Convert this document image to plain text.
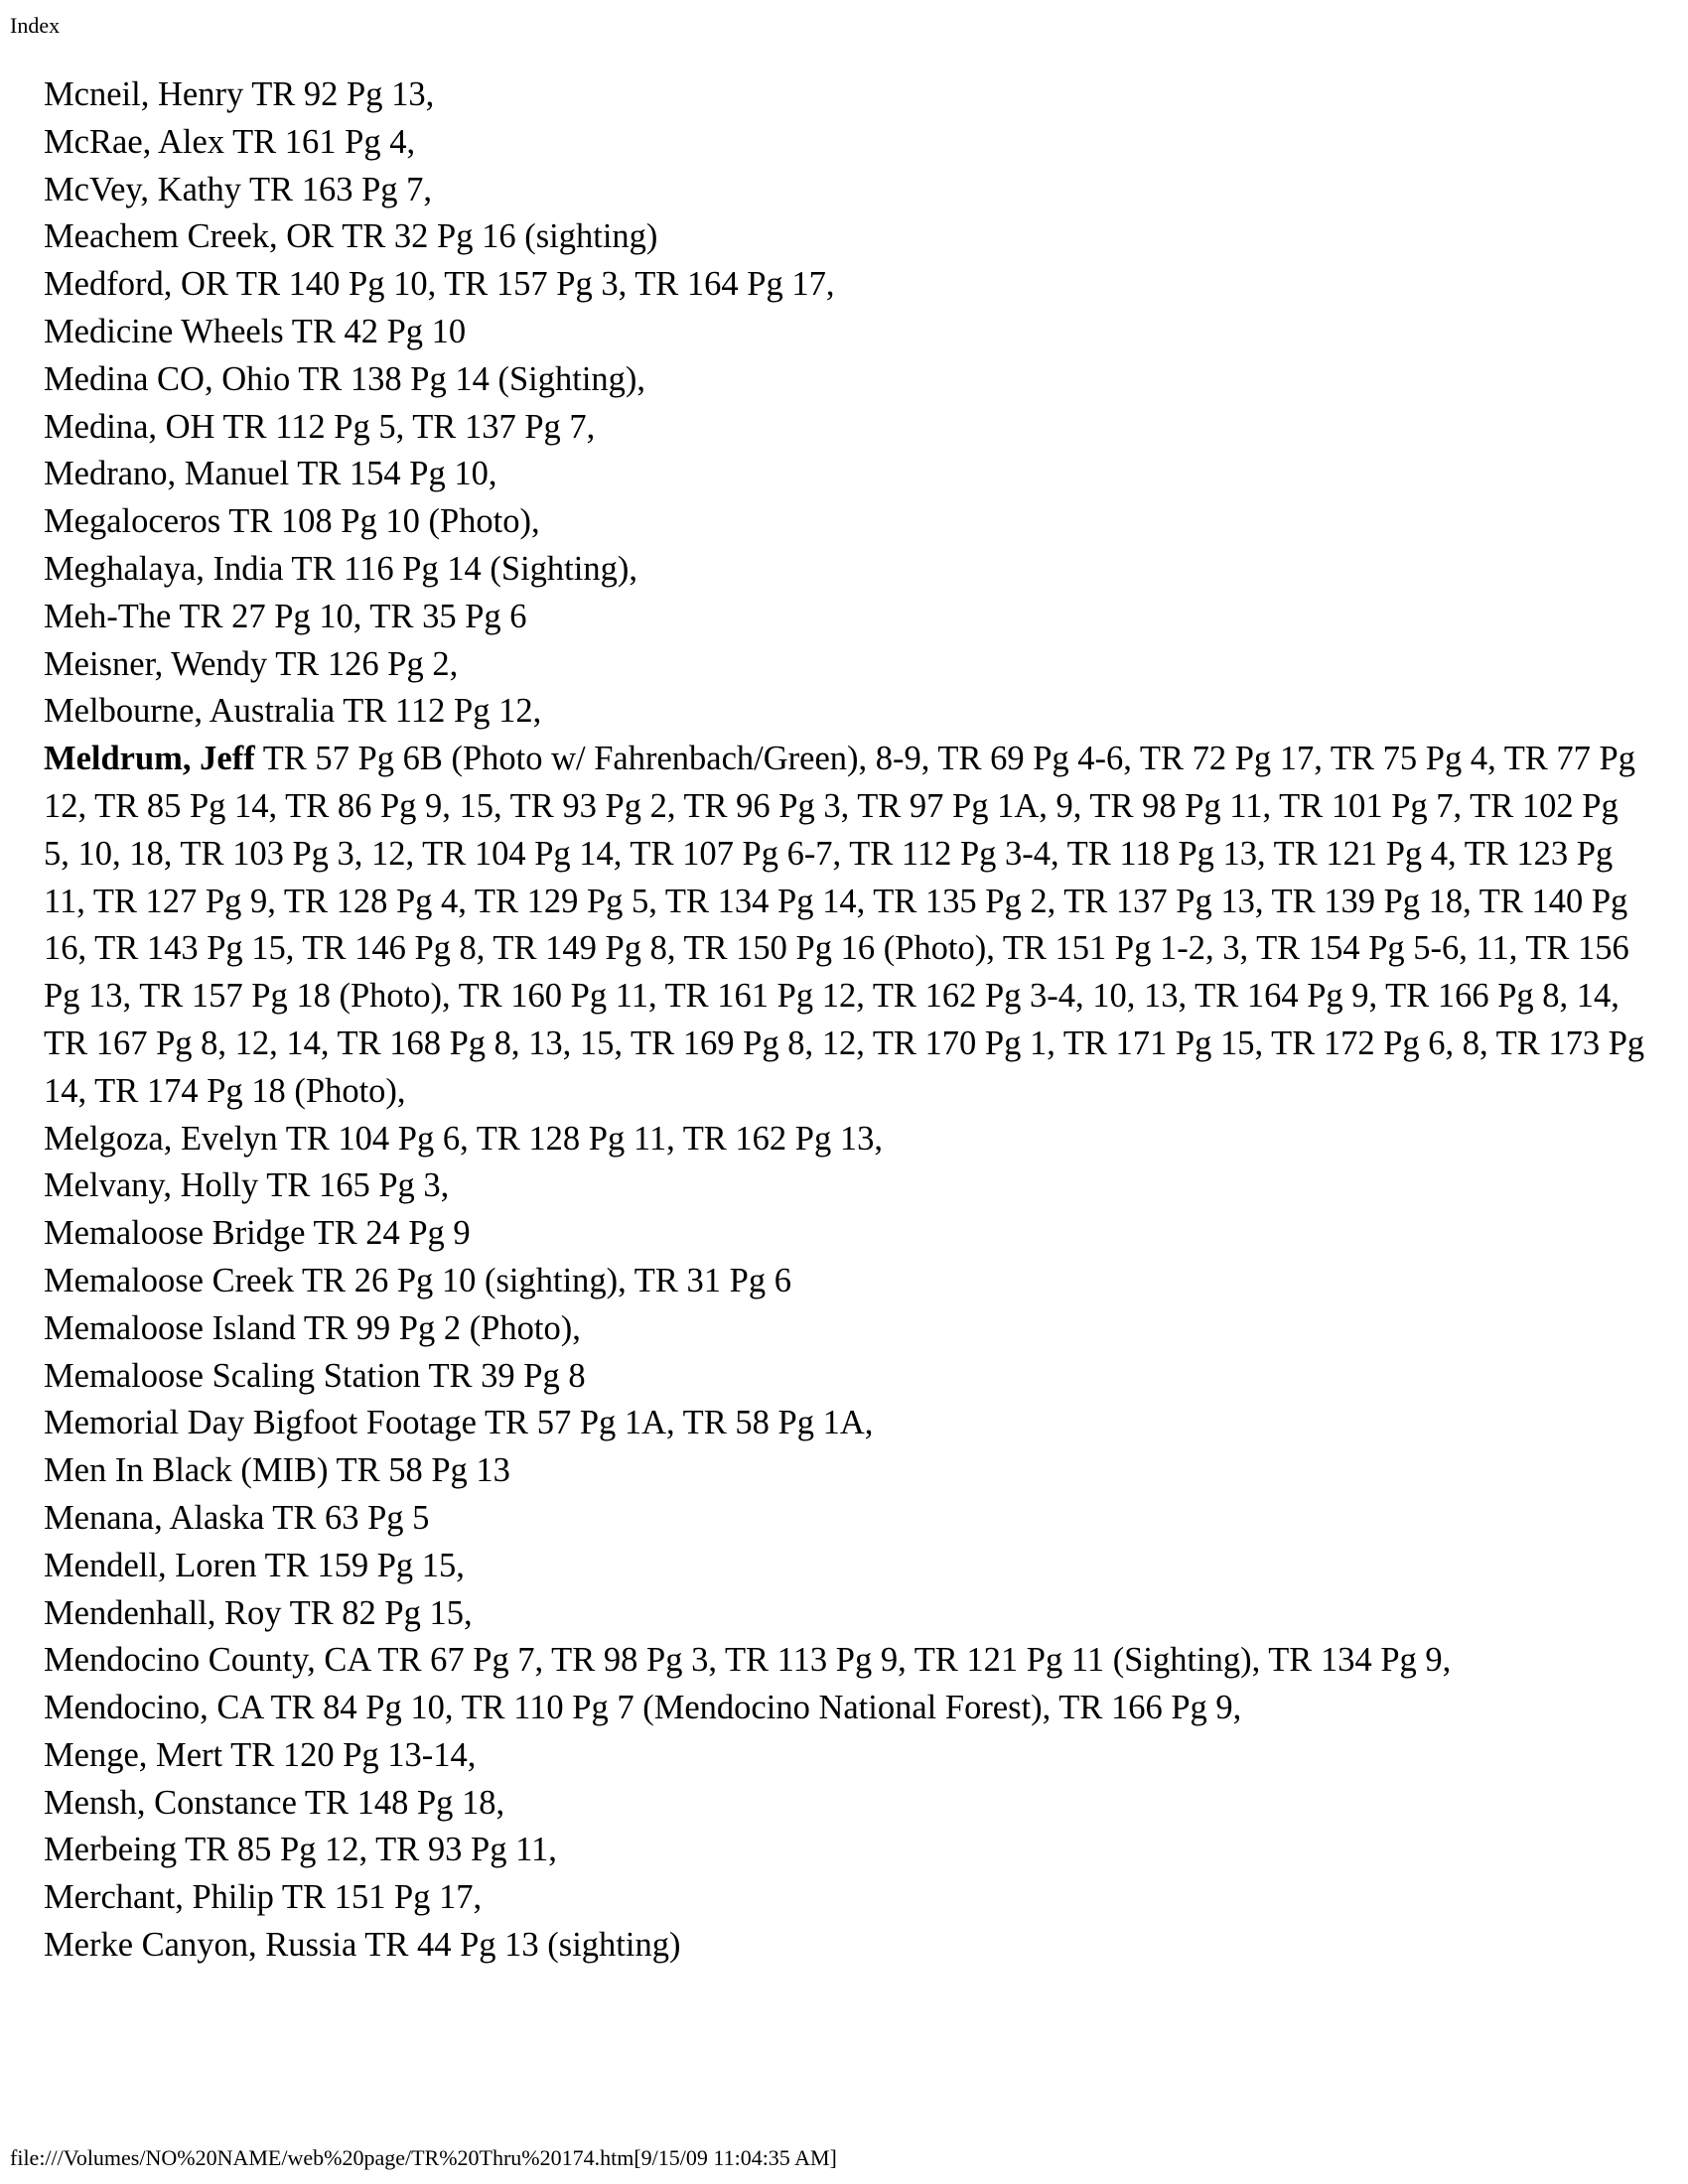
Index
Mcneil, Henry TR 92 Pg 13,
McRae, Alex TR 161 Pg 4,
McVey, Kathy TR 163 Pg 7,
Meachem Creek, OR TR 32 Pg 16 (sighting)
Medford, OR TR 140 Pg 10, TR 157 Pg 3, TR 164 Pg 17,
Medicine Wheels TR 42 Pg 10
Medina CO, Ohio TR 138 Pg 14 (Sighting),
Medina, OH TR 112 Pg 5, TR 137 Pg 7,
Medrano, Manuel TR 154 Pg 10,
Megaloceros TR 108 Pg 10 (Photo),
Meghalaya, India TR 116 Pg 14 (Sighting),
Meh-The TR 27 Pg 10, TR 35 Pg 6
Meisner, Wendy TR 126 Pg 2,
Melbourne, Australia TR 112 Pg 12,
Meldrum, Jeff TR 57 Pg 6B (Photo w/ Fahrenbach/Green), 8-9, TR 69 Pg 4-6, TR 72 Pg 17, TR 75 Pg 4, TR 77 Pg 12, TR 85 Pg 14, TR 86 Pg 9, 15, TR 93 Pg 2, TR 96 Pg 3, TR 97 Pg 1A, 9, TR 98 Pg 11, TR 101 Pg 7, TR 102 Pg 5, 10, 18, TR 103 Pg 3, 12, TR 104 Pg 14, TR 107 Pg 6-7, TR 112 Pg 3-4, TR 118 Pg 13, TR 121 Pg 4, TR 123 Pg 11, TR 127 Pg 9, TR 128 Pg 4, TR 129 Pg 5, TR 134 Pg 14, TR 135 Pg 2, TR 137 Pg 13, TR 139 Pg 18, TR 140 Pg 16, TR 143 Pg 15, TR 146 Pg 8, TR 149 Pg 8, TR 150 Pg 16 (Photo), TR 151 Pg 1-2, 3, TR 154 Pg 5-6, 11, TR 156 Pg 13, TR 157 Pg 18 (Photo), TR 160 Pg 11, TR 161 Pg 12, TR 162 Pg 3-4, 10, 13, TR 164 Pg 9, TR 166 Pg 8, 14, TR 167 Pg 8, 12, 14, TR 168 Pg 8, 13, 15, TR 169 Pg 8, 12, TR 170 Pg 1, TR 171 Pg 15, TR 172 Pg 6, 8, TR 173 Pg 14, TR 174 Pg 18 (Photo),
Melgoza, Evelyn TR 104 Pg 6, TR 128 Pg 11, TR 162 Pg 13,
Melvany, Holly TR 165 Pg 3,
Memaloose Bridge TR 24 Pg 9
Memaloose Creek TR 26 Pg 10 (sighting), TR 31 Pg 6
Memaloose Island TR 99 Pg 2 (Photo),
Memaloose Scaling Station TR 39 Pg 8
Memorial Day Bigfoot Footage TR 57 Pg 1A, TR 58 Pg 1A,
Men In Black (MIB) TR 58 Pg 13
Menana, Alaska TR 63 Pg 5
Mendell, Loren TR 159 Pg 15,
Mendenhall, Roy TR 82 Pg 15,
Mendocino County, CA TR 67 Pg 7, TR 98 Pg 3, TR 113 Pg 9, TR 121 Pg 11 (Sighting), TR 134 Pg 9,
Mendocino, CA TR 84 Pg 10, TR 110 Pg 7 (Mendocino National Forest), TR 166 Pg 9,
Menge, Mert TR 120 Pg 13-14,
Mensh, Constance TR 148 Pg 18,
Merbeing TR 85 Pg 12, TR 93 Pg 11,
Merchant, Philip TR 151 Pg 17,
Merke Canyon, Russia TR 44 Pg 13 (sighting)
file:///Volumes/NO%20NAME/web%20page/TR%20Thru%20174.htm[9/15/09 11:04:35 AM]
